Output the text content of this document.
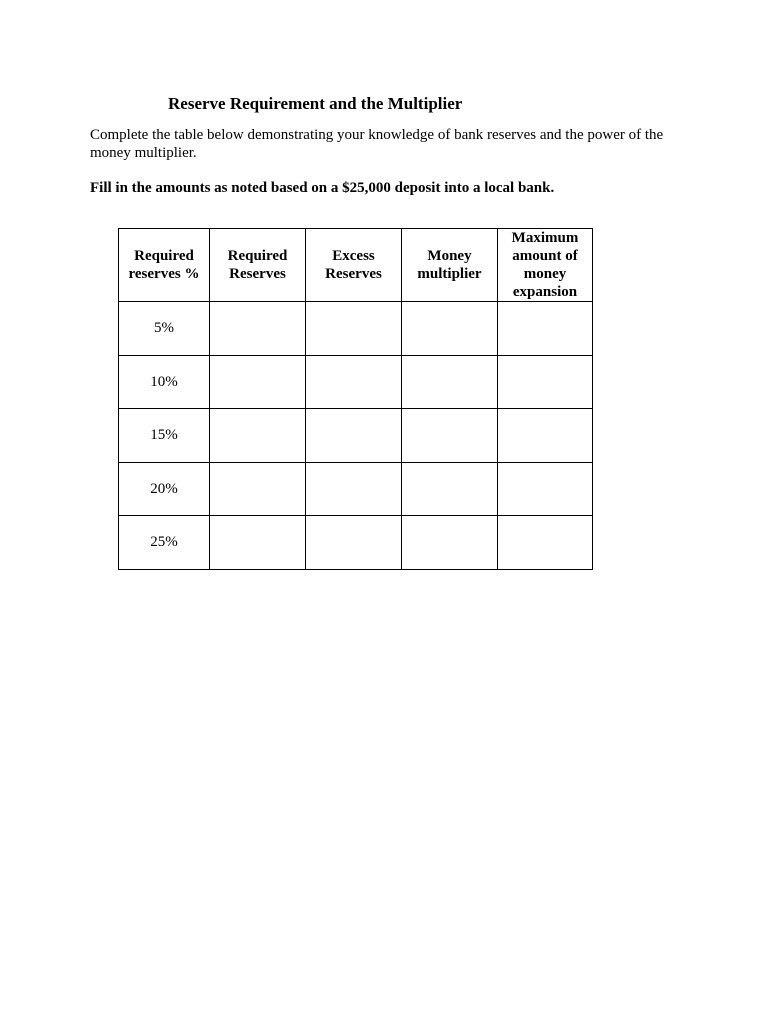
Reserve Requirement and the Multiplier
Complete the table below demonstrating your knowledge of bank reserves and the power of the money multiplier.
Fill in the amounts as noted based on a $25,000 deposit into a local bank.
Required reserves %	Required Reserves	Excess Reserves	Money multiplier	Maximum amount of money expansion
5%				
10%				
15%				
20%				
25%				
